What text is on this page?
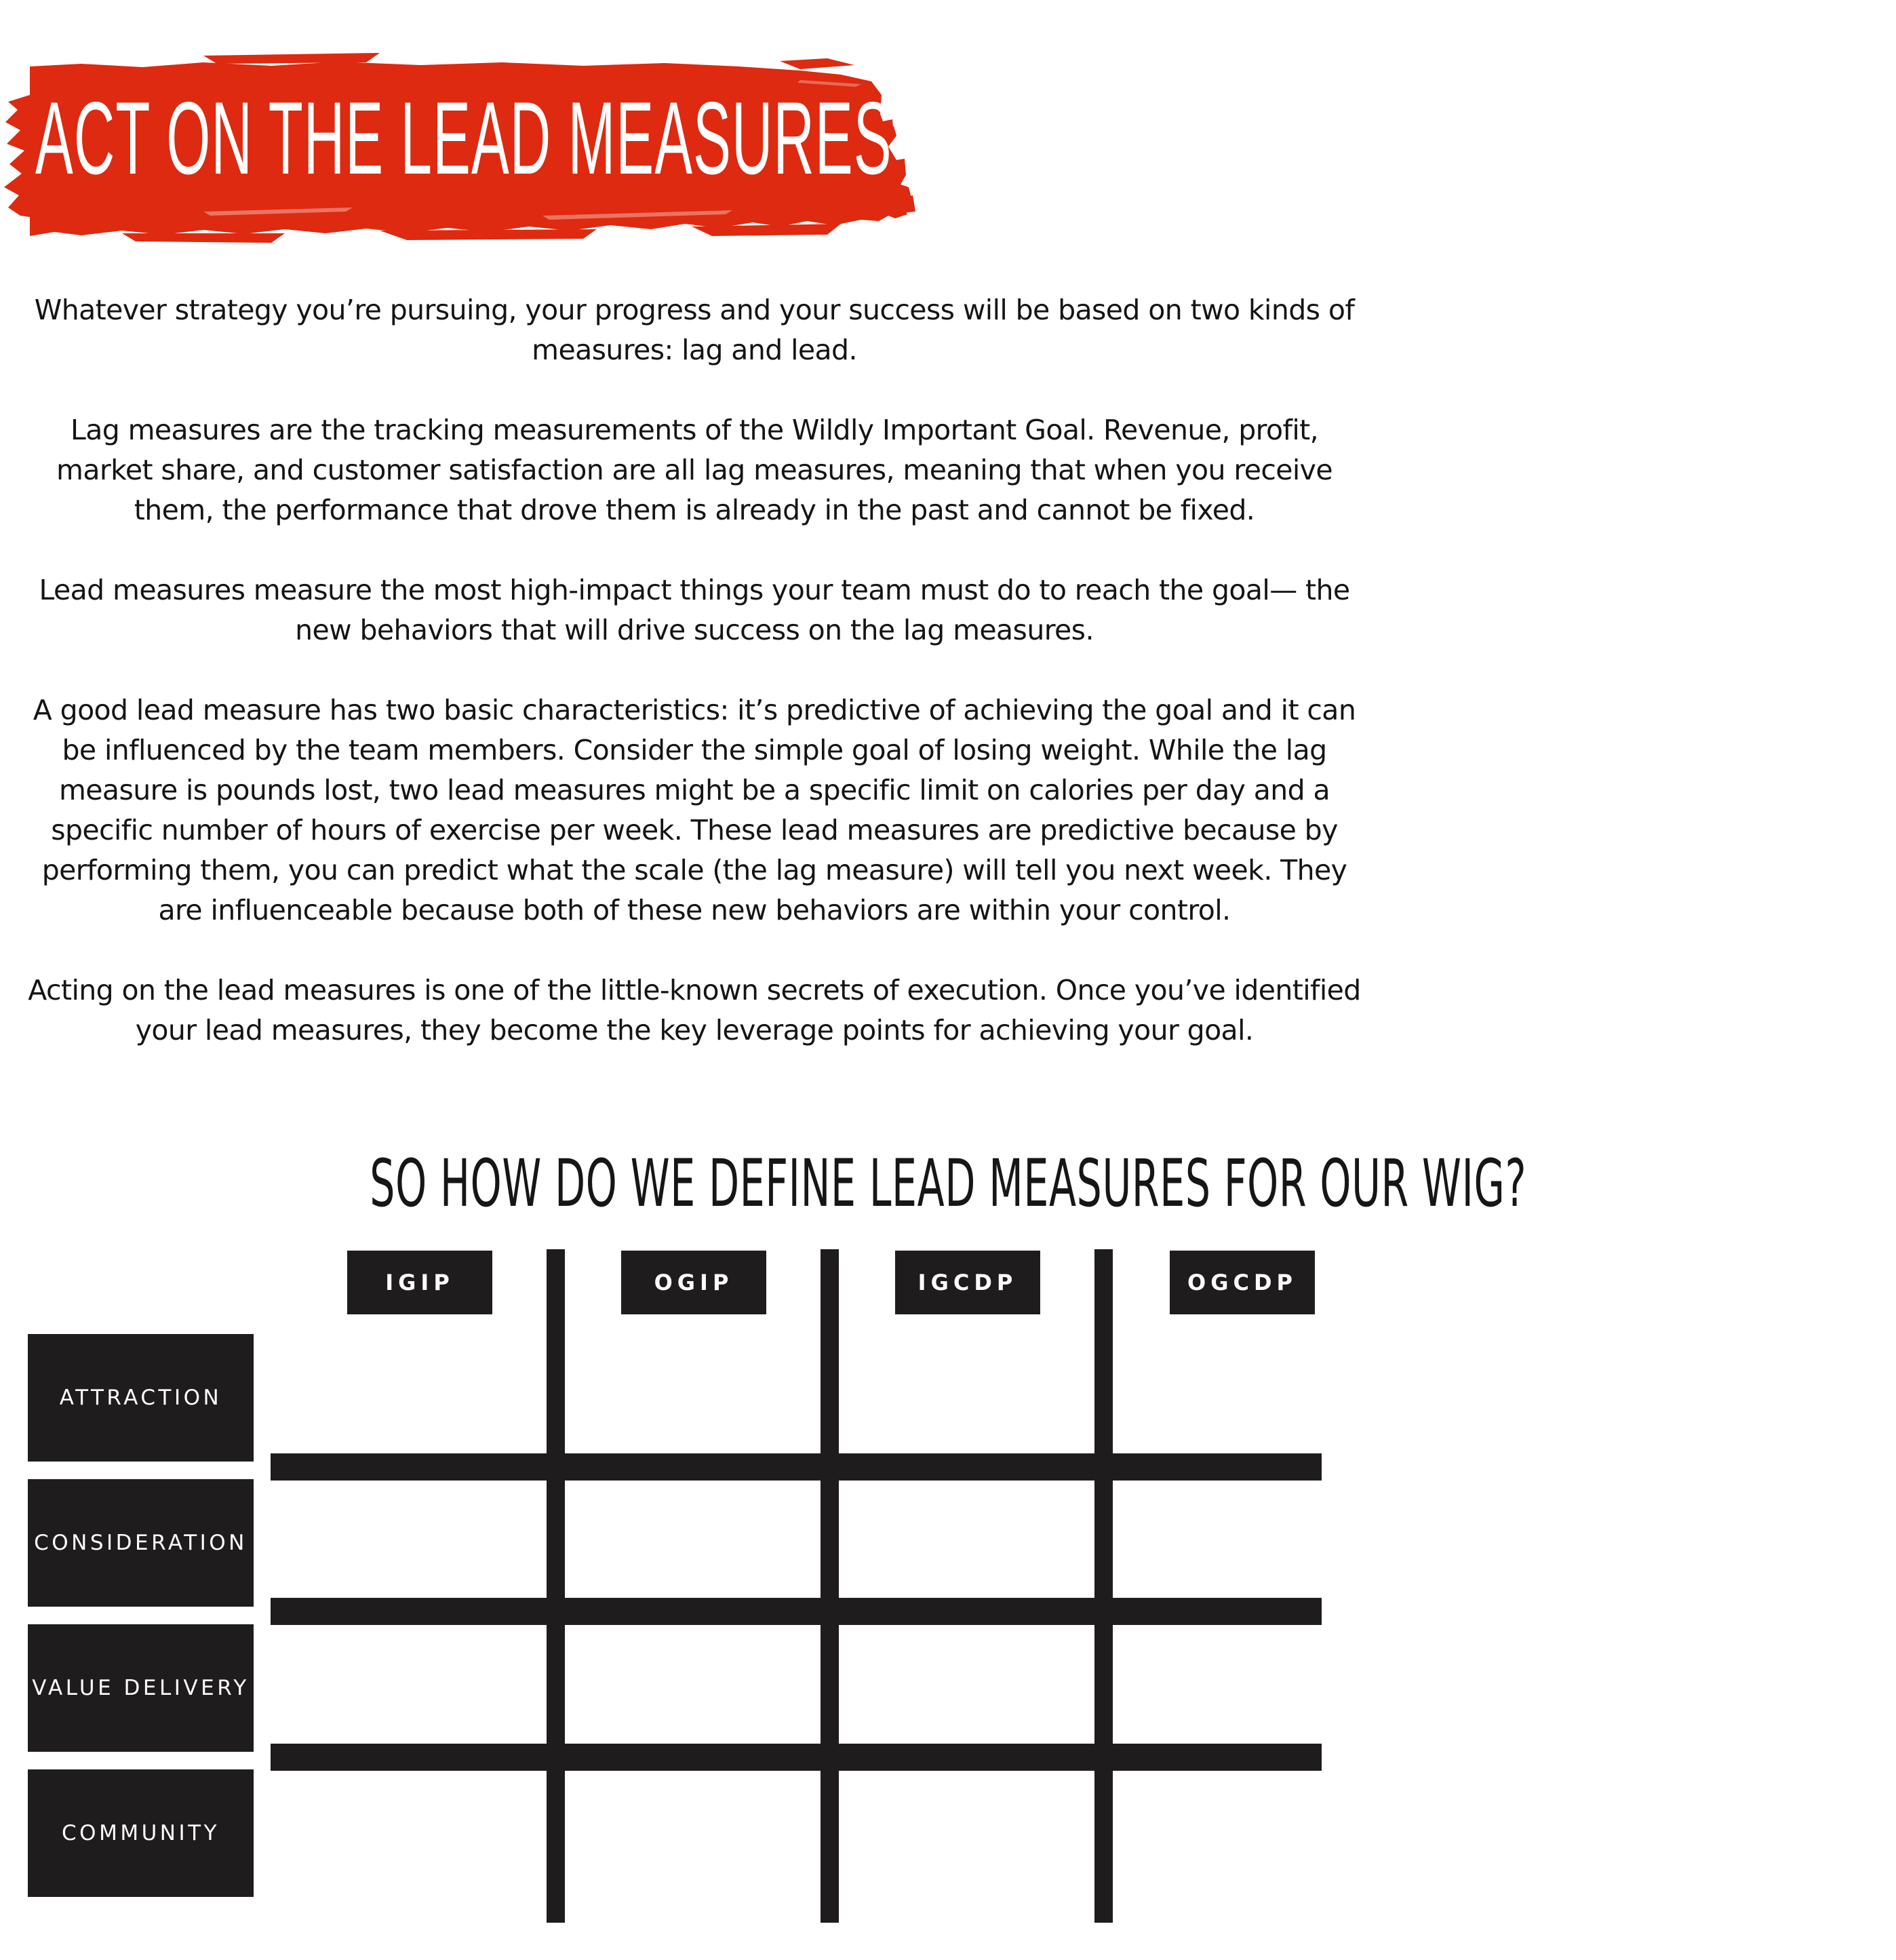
ACT ON THE LEAD MEASURES

Whatever strategy you’re pursuing, your progress and your success will be based on two kinds of measures: lag and lead.

Lag measures are the tracking measurements of the Wildly Important Goal. Revenue, profit, market share, and customer satisfaction are all lag measures, meaning that when you receive them, the performance that drove them is already in the past and cannot be fixed.

Lead measures measure the most high-impact things your team must do to reach the goal— the new behaviors that will drive success on the lag measures.

A good lead measure has two basic characteristics: it’s predictive of achieving the goal and it can be influenced by the team members. Consider the simple goal of losing weight. While the lag measure is pounds lost, two lead measures might be a specific limit on calories per day and a specific number of hours of exercise per week. These lead measures are predictive because by performing them, you can predict what the scale (the lag measure) will tell you next week. They are influenceable because both of these new behaviors are within your control.

Acting on the lead measures is one of the little-known secrets of execution. Once you’ve identified your lead measures, they become the key leverage points for achieving your goal.

SO HOW DO WE DEFINE LEAD MEASURES FOR OUR WIG?
IGIP	OGIP	IGCDP	OGCDP
ATTRACTION
CONSIDERATION
VALUE DELIVERY
COMMUNITY
